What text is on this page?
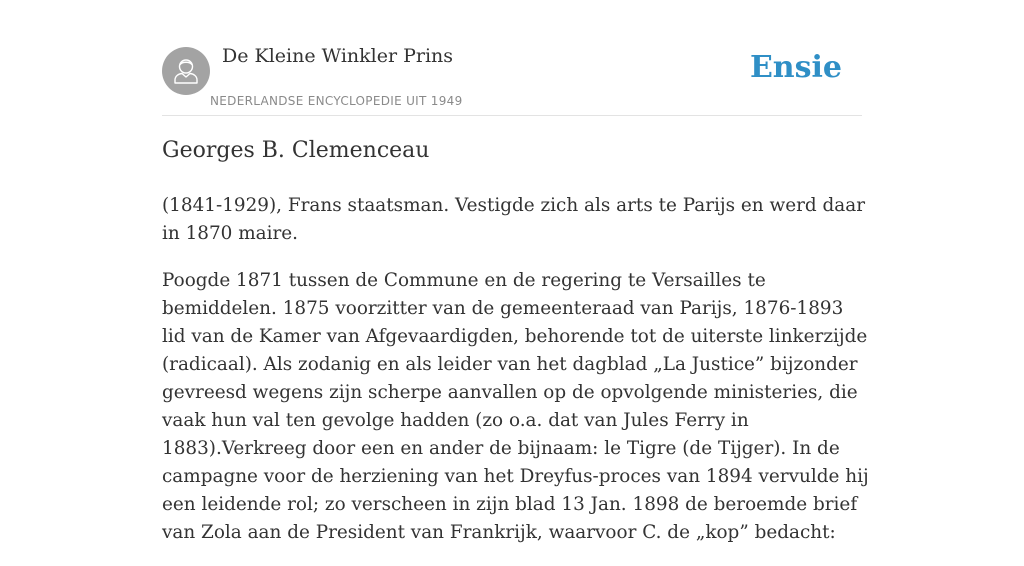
De Kleine Winkler Prins
NEDERLANDSE ENCYCLOPEDIE UIT 1949
Ensie
Georges B. Clemenceau

(1841-1929), Frans staatsman. Vestigde zich als arts te Parijs en werd daar in 1870 maire.

Poogde 1871 tussen de Commune en de regering te Versailles te bemiddelen. 1875 voorzitter van de gemeenteraad van Parijs, 1876-1893 lid van de Kamer van Afgevaardigden, behorende tot de uiterste linkerzijde (radicaal). Als zodanig en als leider van het dagblad „La Justice” bijzonder gevreesd wegens zijn scherpe aanvallen op de opvolgende ministeries, die vaak hun val ten gevolge hadden (zo o.a. dat van Jules Ferry in 1883).Verkreeg door een en ander de bijnaam: le Tigre (de Tijger). In de campagne voor de herziening van het Dreyfus-proces van 1894 vervulde hij een leidende rol; zo verscheen in zijn blad 13 Jan. 1898 de beroemde brief van Zola aan de President van Frankrijk, waarvoor C. de „kop” bedacht:
